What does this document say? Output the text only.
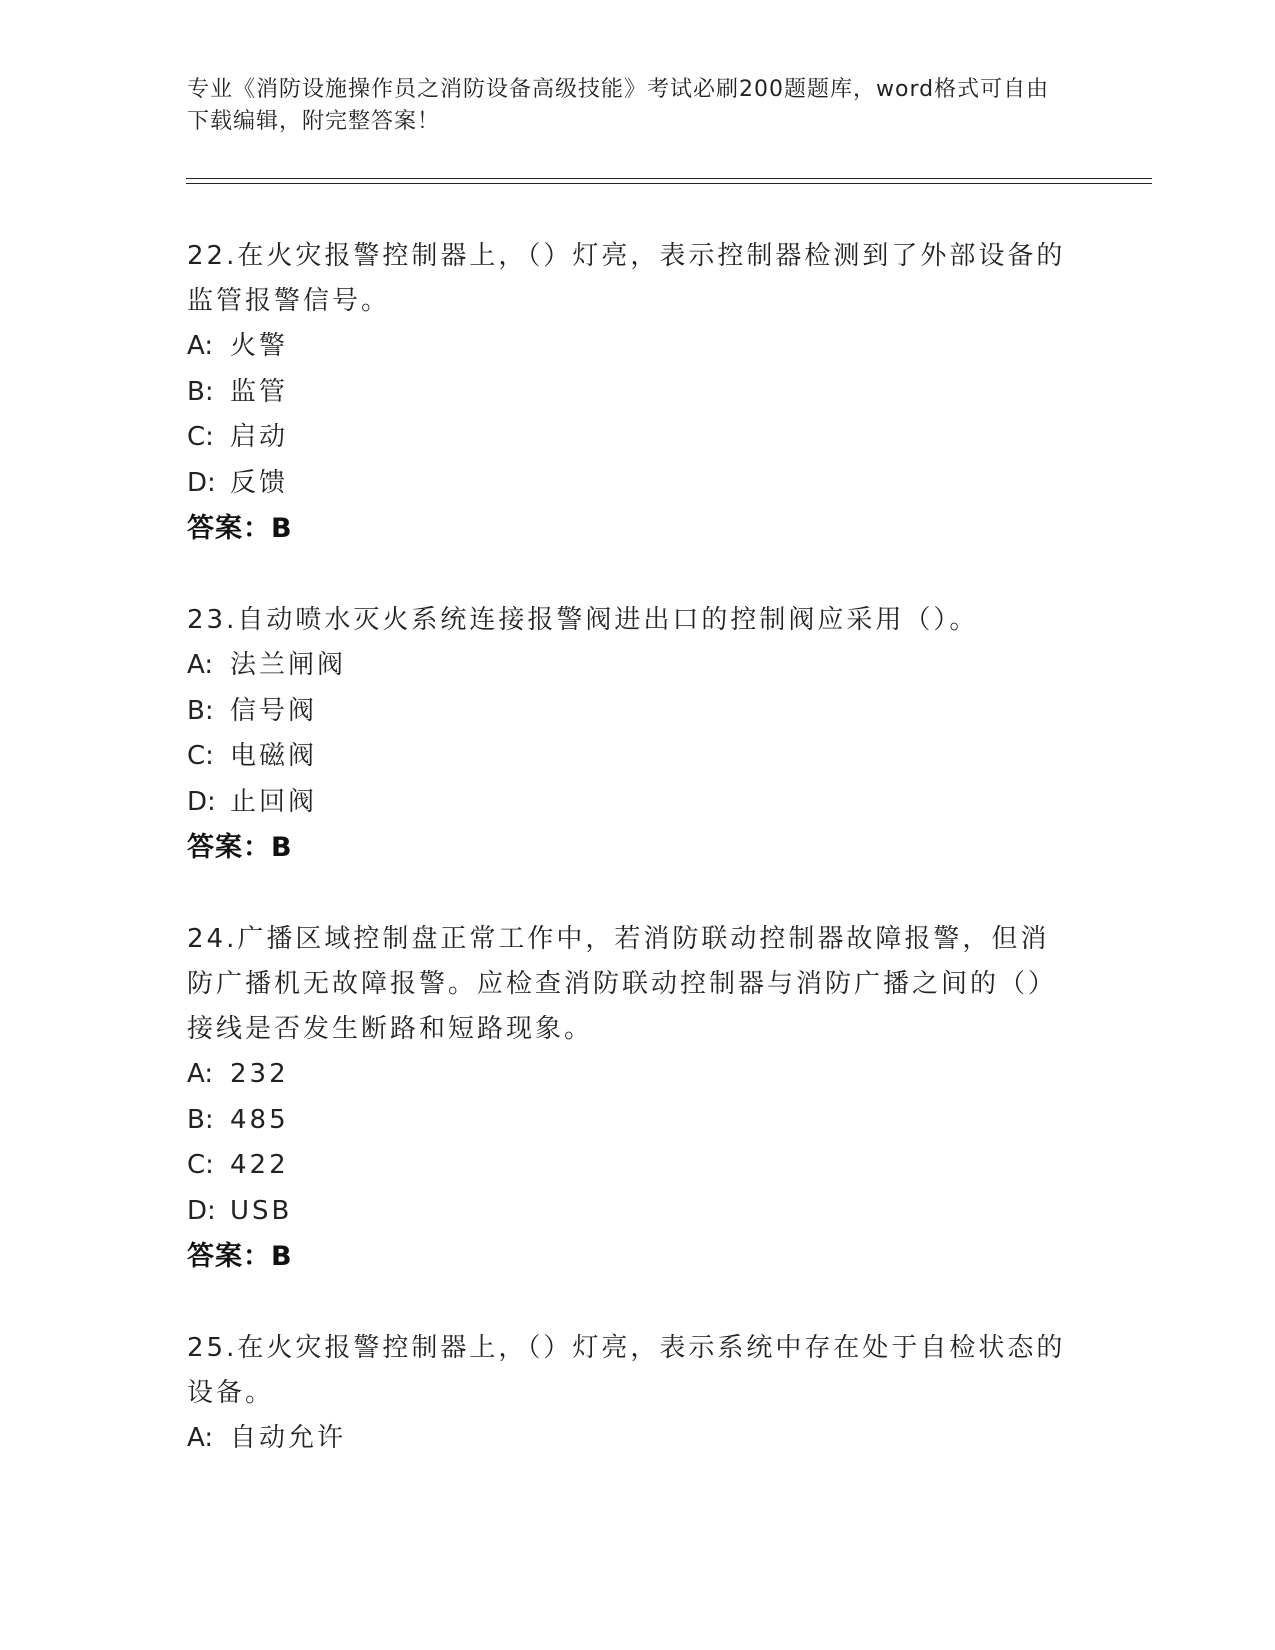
专业《消防设施操作员之消防设备高级技能》考试必刷200题题库，word格式可自由下载编辑，附完整答案！
22.在火灾报警控制器上，（）灯亮，表示控制器检测到了外部设备的监管报警信号。
A: 火警
B: 监管
C: 启动
D: 反馈
答案：B
23.自动喷水灭火系统连接报警阀进出口的控制阀应采用（）。
A: 法兰闸阀
B: 信号阀
C: 电磁阀
D: 止回阀
答案：B
24.广播区域控制盘正常工作中，若消防联动控制器故障报警，但消防广播机无故障报警。应检查消防联动控制器与消防广播之间的（）接线是否发生断路和短路现象。
A: 232
B: 485
C: 422
D: USB
答案：B
25.在火灾报警控制器上，（）灯亮，表示系统中存在处于自检状态的设备。
A: 自动允许
